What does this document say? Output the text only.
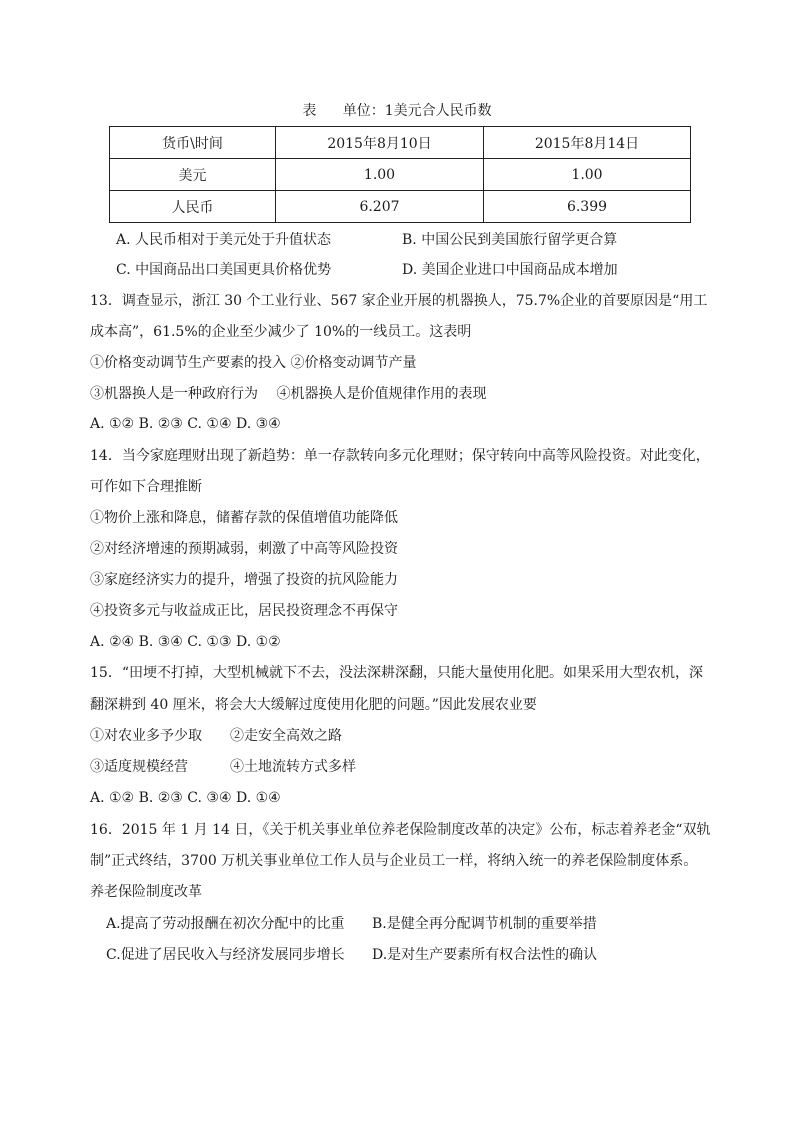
表 单位：1美元合人民币数
货币\时间	2015年8月10日	2015年8月14日
美元	1.00	1.00
人民币	6.207	6.399
A. 人民币相对于美元处于升值状态	B. 中国公民到美国旅行留学更合算
C. 中国商品出口美国更具价格优势	D. 美国企业进口中国商品成本增加
13．调查显示，浙江 30 个工业行业、567 家企业开展的机器换人，75.7%企业的首要原因是“用工
成本高”，61.5%的企业至少减少了 10%的一线员工。这表明
①价格变动调节生产要素的投入 ②价格变动调节产量
③机器换人是一种政府行为　 ④机器换人是价值规律作用的表现
A. ①② B. ②③ C. ①④ D. ③④
14．当今家庭理财出现了新趋势：单一存款转向多元化理财；保守转向中高等风险投资。对此变化，
可作如下合理推断
①物价上涨和降息，储蓄存款的保值增值功能降低
②对经济增速的预期减弱，刺激了中高等风险投资
③家庭经济实力的提升，增强了投资的抗风险能力
④投资多元与收益成正比，居民投资理念不再保守
A. ②④ B. ③④ C. ①③ D. ①②
15．“田埂不打掉，大型机械就下不去，没法深耕深翻，只能大量使用化肥。如果采用大型农机，深
翻深耕到 40 厘米，将会大大缓解过度使用化肥的问题。”因此发展农业要
①对农业多予少取　　②走安全高效之路
③适度规模经营　　　④土地流转方式多样
A. ①② B. ②③ C. ③④ D. ①④
16．2015 年 1 月 14 日，《关于机关事业单位养老保险制度改革的决定》公布，标志着养老金“双轨
制”正式终结，3700 万机关事业单位工作人员与企业员工一样，将纳入统一的养老保险制度体系。
养老保险制度改革
A.提高了劳动报酬在初次分配中的比重 B.是健全再分配调节机制的重要举措
C.促进了居民收入与经济发展同步增长 D.是对生产要素所有权合法性的确认
